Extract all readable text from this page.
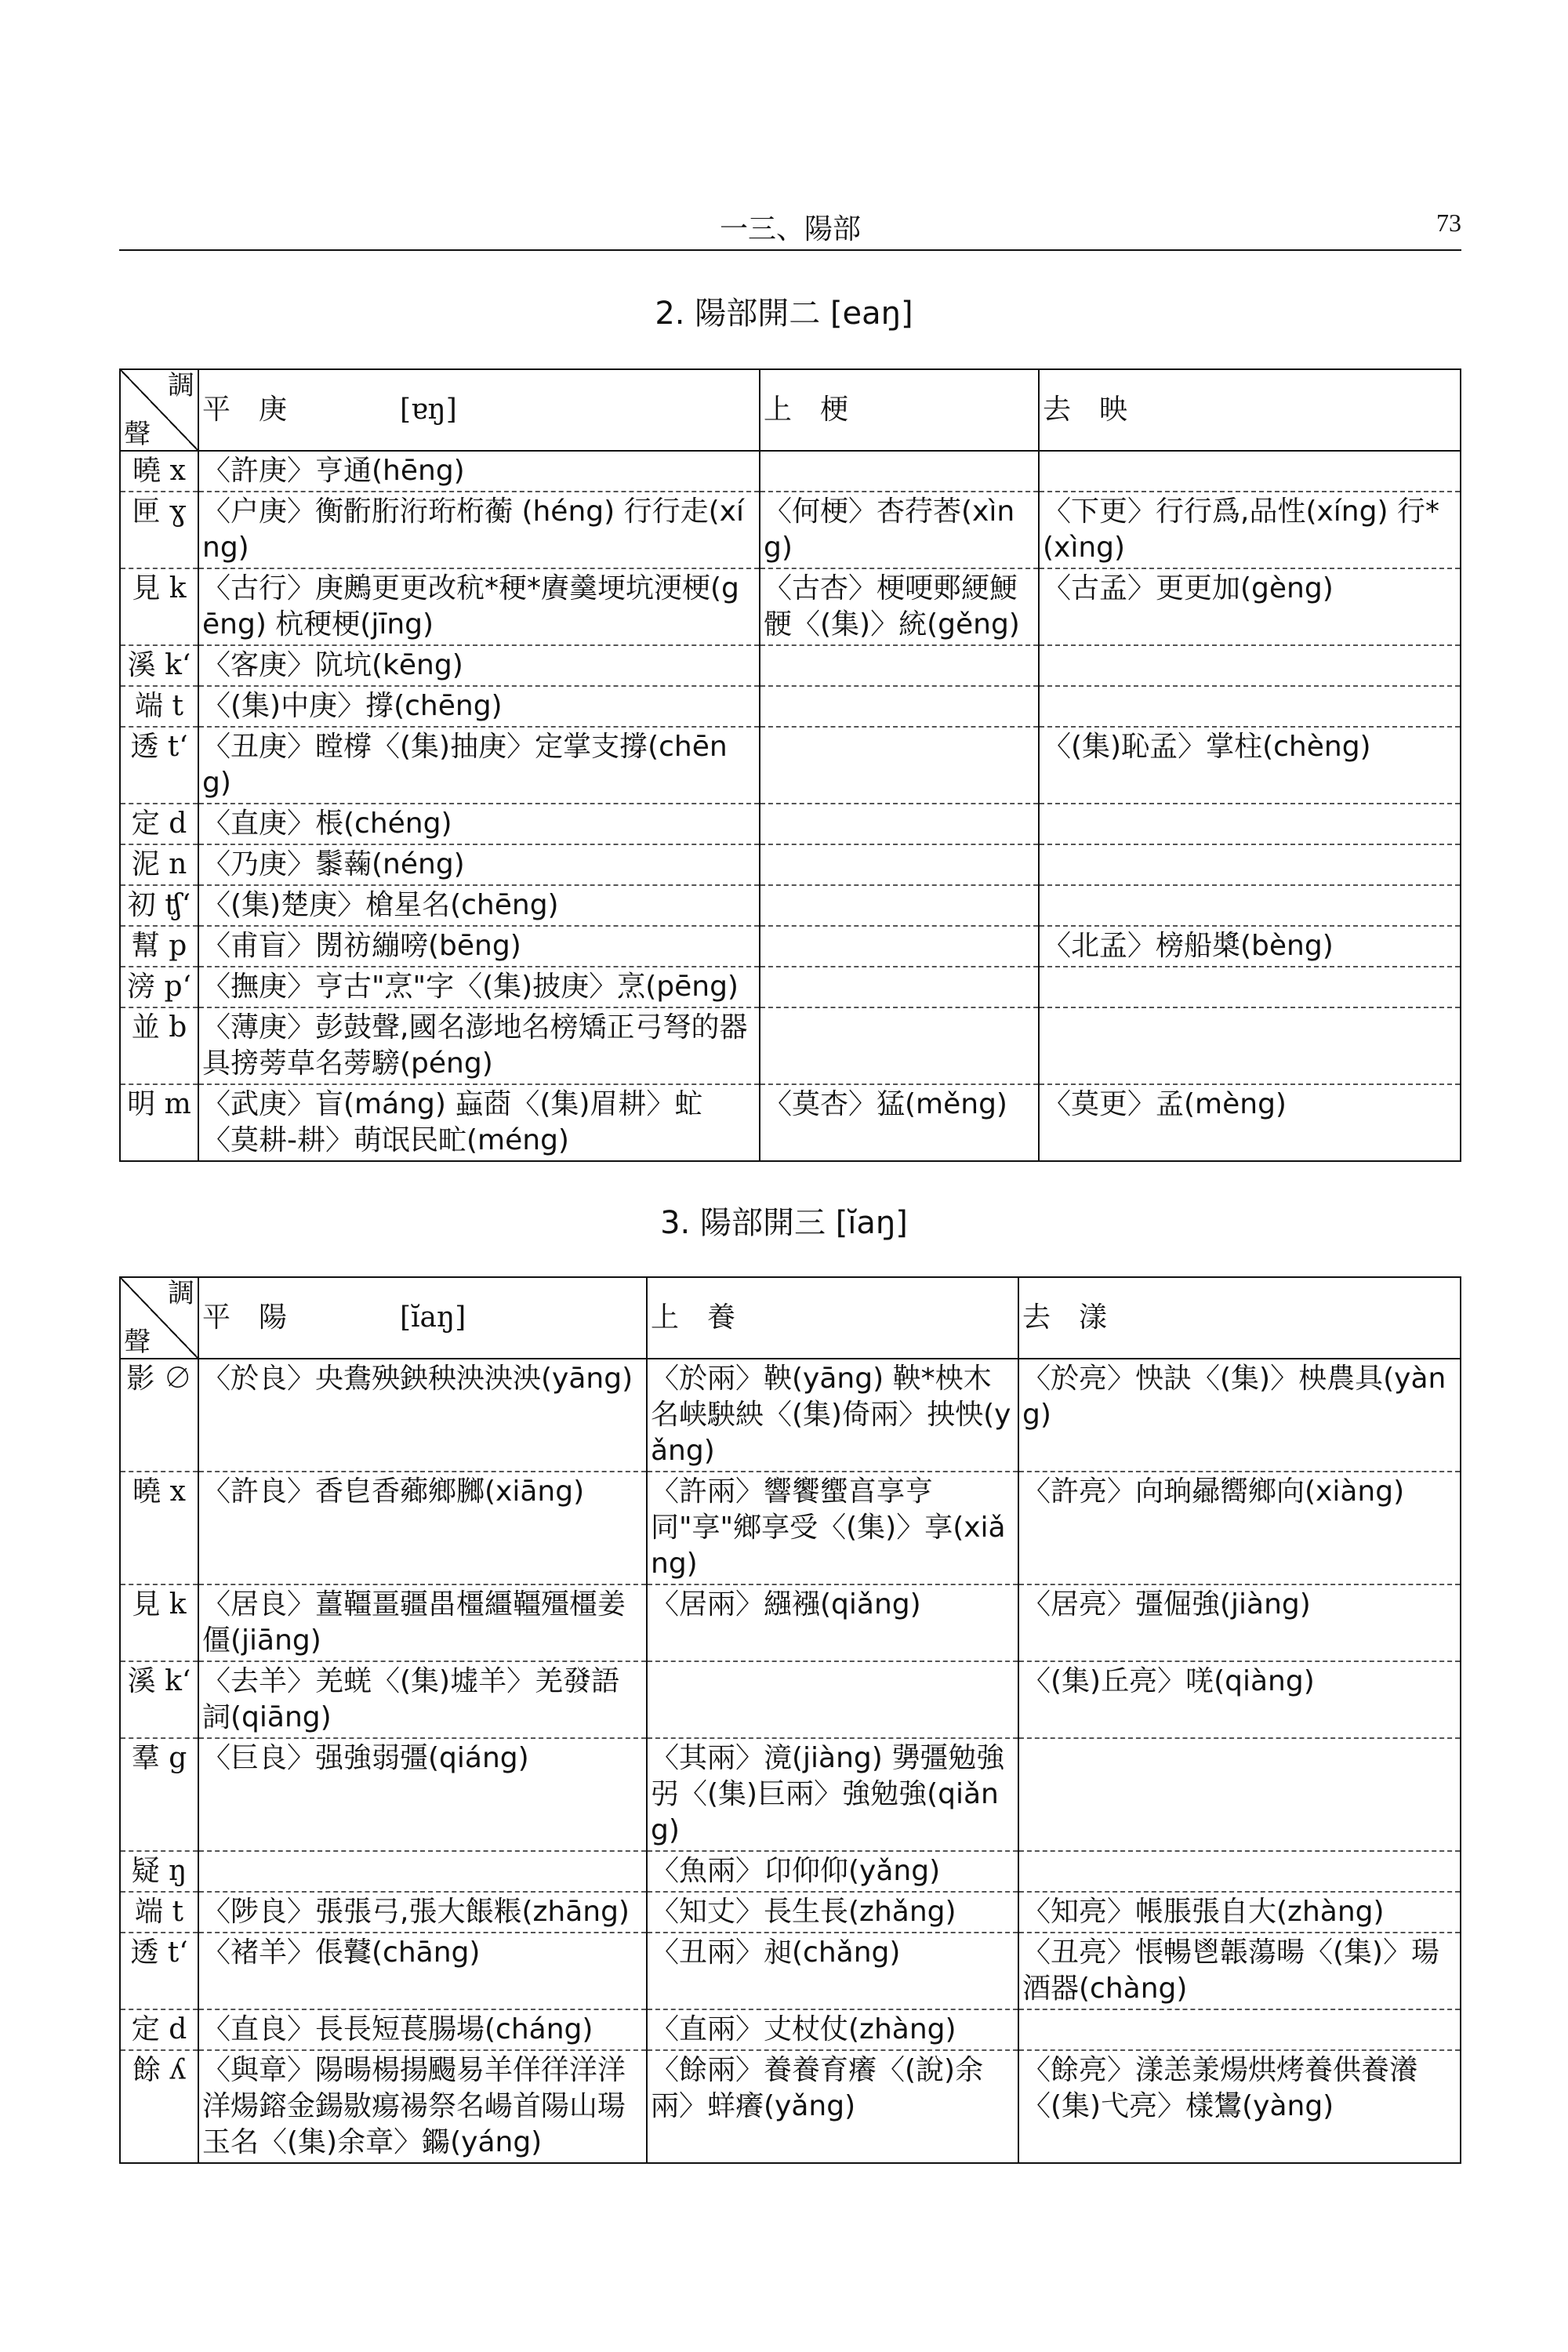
一三、陽部	73
2. 陽部開二 [eaŋ]
調
聲	平　庚　　　　[ɐŋ]	上　梗	去　映
曉 x	〈許庚〉亨通(hēng)		
匣 ɣ	〈户庚〉衡䯒胻洐珩桁蘅 (héng) 行行走(xíng)	〈何梗〉杏荇莕(xìng)	〈下更〉行行爲,品性(xíng) 行*(xìng)
見 k	〈古行〉庚鶊更更改秔*稉*賡羹埂坑浭梗(gēng) 杭稉梗(jīng)	〈古杏〉梗哽郠綆鯁骾〈(集)〉統(gěng)	〈古孟〉更更加(gèng)
溪 kʻ	〈客庚〉阬坑(kēng)		
端 t	〈(集)中庚〉撐(chēng)		
透 tʻ	〈丑庚〉瞠橕〈(集)抽庚〉定掌支撐(chēng)		〈(集)恥孟〉掌柱(chèng)
定 d	〈直庚〉棖(chéng)		
泥 n	〈乃庚〉䰍䕮(néng)		
初 ʧʻ	〈(集)楚庚〉槍星名(chēng)		
幫 p	〈甫盲〉閍祊繃嗙(bēng)		〈北孟〉榜船槳(bèng)
滂 pʻ	〈撫庚〉亨古"烹"字〈(集)披庚〉烹(pēng)		
並 b	〈薄庚〉彭鼓聲,國名澎地名榜矯正弓弩的器具搒蒡草名蒡騯(péng)		
明 m	〈武庚〉盲(máng) 蝱莔〈(集)眉耕〉虻〈莫耕-耕〉萌氓民甿(méng)	〈莫杏〉猛(měng)	〈莫更〉孟(mèng)
3. 陽部開三 [ĭaŋ]
調
聲	平　陽　　　　[ĭaŋ]	上　養	去　漾
影 ∅	〈於良〉央鴦殃鉠秧泱泱泱(yāng)	〈於兩〉鞅(yāng) 鞅*柍木名峡駚紻〈(集)倚兩〉抰怏(yǎng)	〈於亮〉怏訣〈(集)〉柍農具(yàng)
曉 x	〈許良〉香皀香薌鄉膷(xiāng)	〈許兩〉響饗蠁亯享亨同"享"鄉享受〈(集)〉享(xiǎng)	〈許亮〉向珦曏嚮鄉向(xiàng)
見 k	〈居良〉薑韁畺疆畕橿繮韁殭橿姜僵(jiāng)	〈居兩〉繦襁(qiǎng)	〈居亮〉彊倔強(jiàng)
溪 kʻ	〈去羊〉羌蜣〈(集)墟羊〉羌發語詞(qiāng)		〈(集)丘亮〉唴(qiàng)
羣 g	〈巨良〉强強弱彊(qiáng)	〈其兩〉滰(jiàng) 勥彊勉強弜〈(集)巨兩〉強勉強(qiǎng)	
疑 ŋ		〈魚兩〉卬仰仰(yǎng)	
端 t	〈陟良〉張張弓,張大餦粻(zhāng)	〈知丈〉長生長(zhǎng)	〈知亮〉帳脹張自大(zhàng)
透 tʻ	〈褚羊〉倀鼚(chāng)	〈丑兩〉昶(chǎng)	〈丑亮〉悵暢鬯韔蕩暘〈(集)〉瑒酒器(chàng)
定 d	〈直良〉長長短萇腸場(cháng)	〈直兩〉丈杖仗(zhàng)	
餘 ʎ	〈與章〉陽暘楊揚颺易羊佯徉洋洋洋煬鎔金鍚敭瘍禓祭名崵首陽山瑒玉名〈(集)余章〉鐊(yáng)	〈餘兩〉養養育癢〈(說)余兩〉蛘癢(yǎng)	〈餘亮〉漾恙羕煬烘烤養供養瀁〈(集)弋亮〉樣鸉(yàng)
